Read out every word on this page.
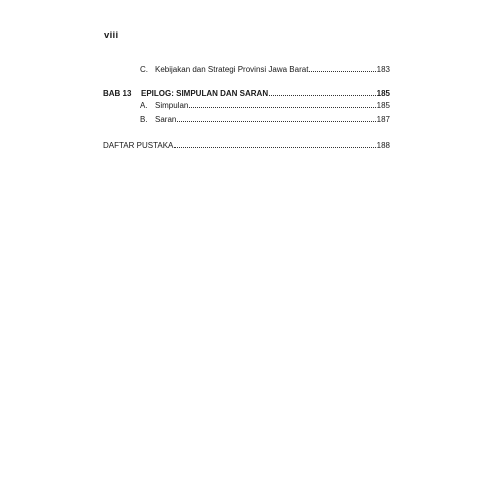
viii
C. Kebijakan dan Strategi Provinsi Jawa Barat	183
BAB 13	EPILOG: SIMPULAN DAN SARAN	185
A. Simpulan	185
B. Saran	187
DAFTAR PUSTAKA	188
